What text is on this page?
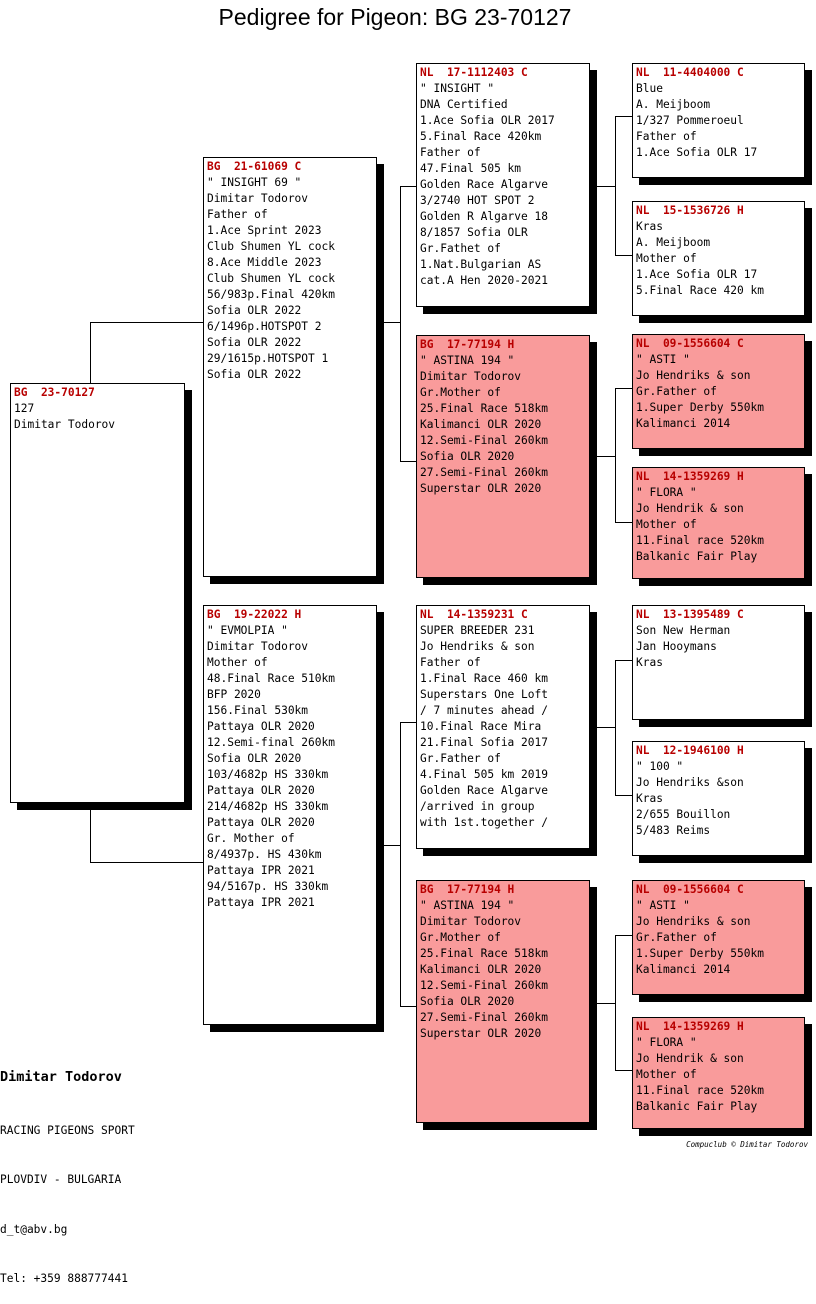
Pedigree for Pigeon: BG 23-70127
BG  23-70127
127
Dimitar Todorov
BG  21-61069 C
" INSIGHT 69 "
Dimitar Todorov
Father of
1.Ace Sprint 2023
Club Shumen YL cock
8.Ace Middle 2023
Club Shumen YL cock
56/983p.Final 420km
Sofia OLR 2022
6/1496p.HOTSPOT 2
Sofia OLR 2022
29/1615p.HOTSPOT 1
Sofia OLR 2022
BG  19-22022 H
" EVMOLPIA "
Dimitar Todorov
Mother of
48.Final Race 510km
BFP 2020
156.Final 530km
Pattaya OLR 2020
12.Semi-final 260km
Sofia OLR 2020
103/4682p HS 330km
Pattaya OLR 2020
214/4682p HS 330km
Pattaya OLR 2020
Gr. Mother of
8/4937p. HS 430km
Pattaya IPR 2021
94/5167p. HS 330km
Pattaya IPR 2021
NL  17-1112403 C
" INSIGHT "
DNA Certified
1.Ace Sofia OLR 2017
5.Final Race 420km
Father of
47.Final 505 km
Golden Race Algarve
3/2740 HOT SPOT 2
Golden R Algarve 18
8/1857 Sofia OLR
Gr.Fathet of
1.Nat.Bulgarian AS
cat.A Hen 2020-2021
BG  17-77194 H
" ASTINA 194 "
Dimitar Todorov
Gr.Mother of
25.Final Race 518km
Kalimanci OLR 2020
12.Semi-Final 260km
Sofia OLR 2020
27.Semi-Final 260km
Superstar OLR 2020
NL  14-1359231 C
SUPER BREEDER 231
Jo Hendriks & son
Father of
1.Final Race 460 km
Superstars One Loft
/ 7 minutes ahead /
10.Final Race Mira
21.Final Sofia 2017
Gr.Father of
4.Final 505 km 2019
Golden Race Algarve
/arrived in group
with 1st.together /
BG  17-77194 H
" ASTINA 194 "
Dimitar Todorov
Gr.Mother of
25.Final Race 518km
Kalimanci OLR 2020
12.Semi-Final 260km
Sofia OLR 2020
27.Semi-Final 260km
Superstar OLR 2020
NL  11-4404000 C
Blue
A. Meijboom
1/327 Pommeroeul
Father of
1.Ace Sofia OLR 17
NL  15-1536726 H
Kras
A. Meijboom
Mother of
1.Ace Sofia OLR 17
5.Final Race 420 km
NL  09-1556604 C
" ASTI "
Jo Hendriks & son
Gr.Father of
1.Super Derby 550km
Kalimanci 2014
NL  14-1359269 H
" FLORA "
Jo Hendrik & son
Mother of
11.Final race 520km
Balkanic Fair Play
NL  13-1395489 C
Son New Herman
Jan Hooymans
Kras
NL  12-1946100 H
" 100 "
Jo Hendriks &son
Kras
2/655 Bouillon
5/483 Reims
NL  09-1556604 C
" ASTI "
Jo Hendriks & son
Gr.Father of
1.Super Derby 550km
Kalimanci 2014
NL  14-1359269 H
" FLORA "
Jo Hendrik & son
Mother of
11.Final race 520km
Balkanic Fair Play

Dimitar Todorov

RACING PIGEONS SPORT

PLOVDIV - BULGARIA

d_t@abv.bg

Tel: +359 888777441

Compuclub © Dimitar Todorov
